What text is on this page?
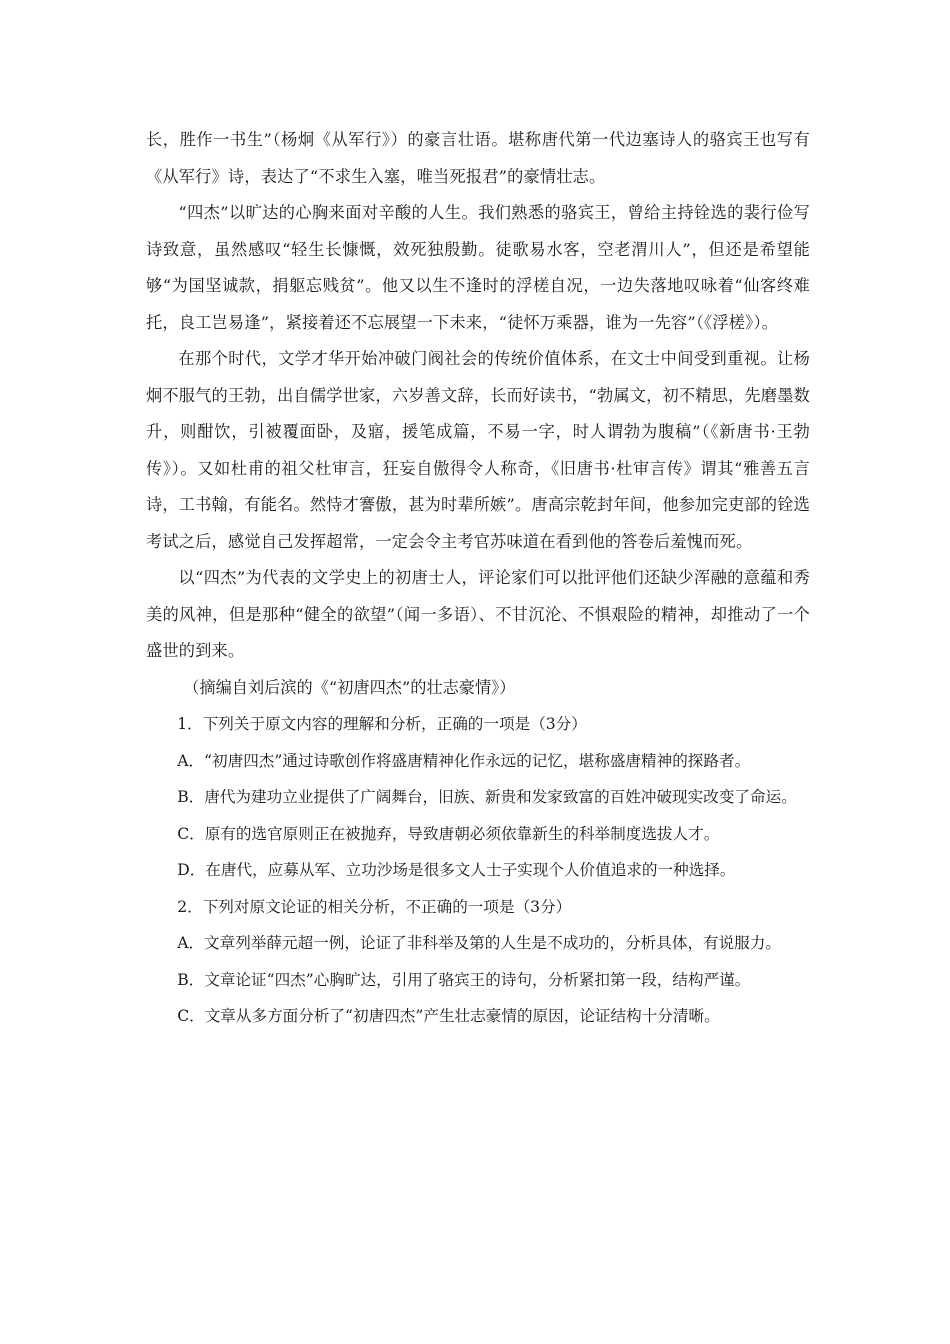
长，胜作一书生”（杨炯《从军行》）的豪言壮语。堪称唐代第一代边塞诗人的骆宾王也写有《从军行》诗，表达了“不求生入塞，唯当死报君”的豪情壮志。

“四杰”以旷达的心胸来面对辛酸的人生。我们熟悉的骆宾王，曾给主持铨选的裴行俭写诗致意，虽然感叹“轻生长慷慨，效死独殷勤。徒歌易水客，空老渭川人”，但还是希望能够“为国坚诚款，捐躯忘贱贫”。他又以生不逢时的浮槎自况，一边失落地叹咏着“仙客终难托，良工岂易逢”，紧接着还不忘展望一下未来，“徒怀万乘器，谁为一先容”（《浮槎》）。

在那个时代，文学才华开始冲破门阀社会的传统价值体系，在文士中间受到重视。让杨炯不服气的王勃，出自儒学世家，六岁善文辞，长而好读书，“勃属文，初不精思，先磨墨数升，则酣饮，引被覆面卧，及寤，援笔成篇，不易一字，时人谓勃为腹稿”（《新唐书·王勃传》）。又如杜甫的祖父杜审言，狂妄自傲得令人称奇，《旧唐书·杜审言传》谓其“雅善五言诗，工书翰，有能名。然恃才謇傲，甚为时辈所嫉”。唐高宗乾封年间，他参加完吏部的铨选考试之后，感觉自己发挥超常，一定会令主考官苏味道在看到他的答卷后羞愧而死。

以“四杰”为代表的文学史上的初唐士人，评论家们可以批评他们还缺少浑融的意蕴和秀美的风神，但是那种“健全的欲望”（闻一多语）、不甘沉沦、不惧艰险的精神，却推动了一个盛世的到来。

（摘编自刘后滨的《“初唐四杰”的壮志豪情》）

1．下列关于原文内容的理解和分析，正确的一项是（3分）

A．“初唐四杰”通过诗歌创作将盛唐精神化作永远的记忆，堪称盛唐精神的探路者。

B．唐代为建功立业提供了广阔舞台，旧族、新贵和发家致富的百姓冲破现实改变了命运。

C．原有的选官原则正在被抛弃，导致唐朝必须依靠新生的科举制度选拔人才。

D．在唐代，应募从军、立功沙场是很多文人士子实现个人价值追求的一种选择。

2．下列对原文论证的相关分析，不正确的一项是（3分）

A．文章列举薛元超一例，论证了非科举及第的人生是不成功的，分析具体，有说服力。

B．文章论证“四杰”心胸旷达，引用了骆宾王的诗句，分析紧扣第一段，结构严谨。

C．文章从多方面分析了“初唐四杰”产生壮志豪情的原因，论证结构十分清晰。
